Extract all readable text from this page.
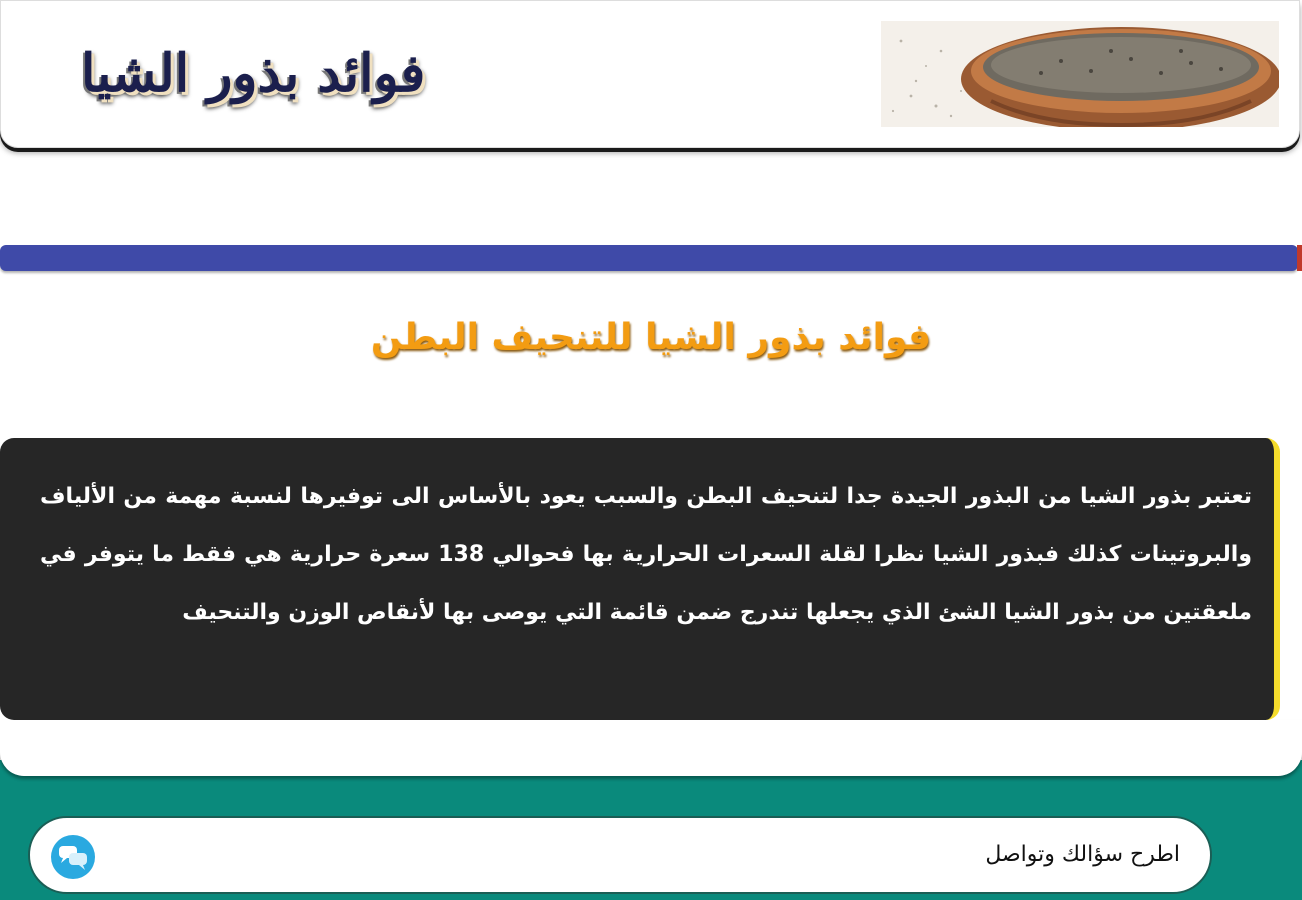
فوائد بذور الشيا
فوائد بذور الشيا للتنحيف البطن
تعتبر بذور الشيا من البذور الجيدة جدا لتنحيف البطن والسبب يعود بالأساس الى توفيرها لنسبة مهمة من الألياف والبروتينات كذلك فبذور الشيا نظرا لقلة السعرات الحرارية بها فحوالي 138 سعرة حرارية هي فقط ما يتوفر في ملعقتين من بذور الشيا الشئ الذي يجعلها تندرج ضمن قائمة التي يوصى بها لأنقاص الوزن والتنحيف
اطرح سؤالك وتواصل
